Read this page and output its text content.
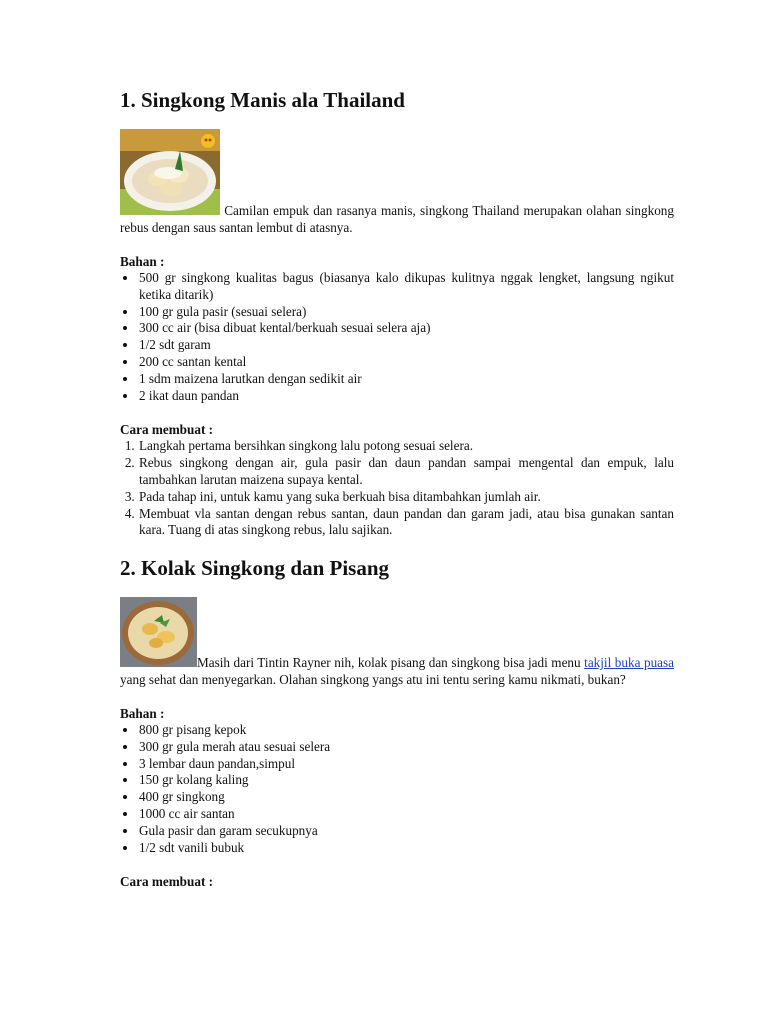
1. Singkong Manis ala Thailand

Camilan empuk dan rasanya manis, singkong Thailand merupakan olahan singkong rebus dengan saus santan lembut di atasnya.

Bahan :

• 500 gr singkong kualitas bagus (biasanya kalo dikupas kulitnya nggak lengket, langsung ngikut ketika ditarik)
• 100 gr gula pasir (sesuai selera)
• 300 cc air (bisa dibuat kental/berkuah sesuai selera aja)
• 1/2 sdt garam
• 200 cc santan kental
• 1 sdm maizena larutkan dengan sedikit air
• 2 ikat daun pandan

Cara membuat :

1. Langkah pertama bersihkan singkong lalu potong sesuai selera.
2. Rebus singkong dengan air, gula pasir dan daun pandan sampai mengental dan empuk, lalu tambahkan larutan maizena supaya kental.
3. Pada tahap ini, untuk kamu yang suka berkuah bisa ditambahkan jumlah air.
4. Membuat vla santan dengan rebus santan, daun pandan dan garam jadi, atau bisa gunakan santan kara. Tuang di atas singkong rebus, lalu sajikan.
2. Kolak Singkong dan Pisang

Masih dari Tintin Rayner nih, kolak pisang dan singkong bisa jadi menu takjil buka puasa yang sehat dan menyegarkan. Olahan singkong yangs atu ini tentu sering kamu nikmati, bukan?

Bahan :

• 800 gr pisang kepok
• 300 gr gula merah atau sesuai selera
• 3 lembar daun pandan,simpul
• 150 gr kolang kaling
• 400 gr singkong
• 1000 cc air santan
• Gula pasir dan garam secukupnya
• 1/2 sdt vanili bubuk

Cara membuat :
